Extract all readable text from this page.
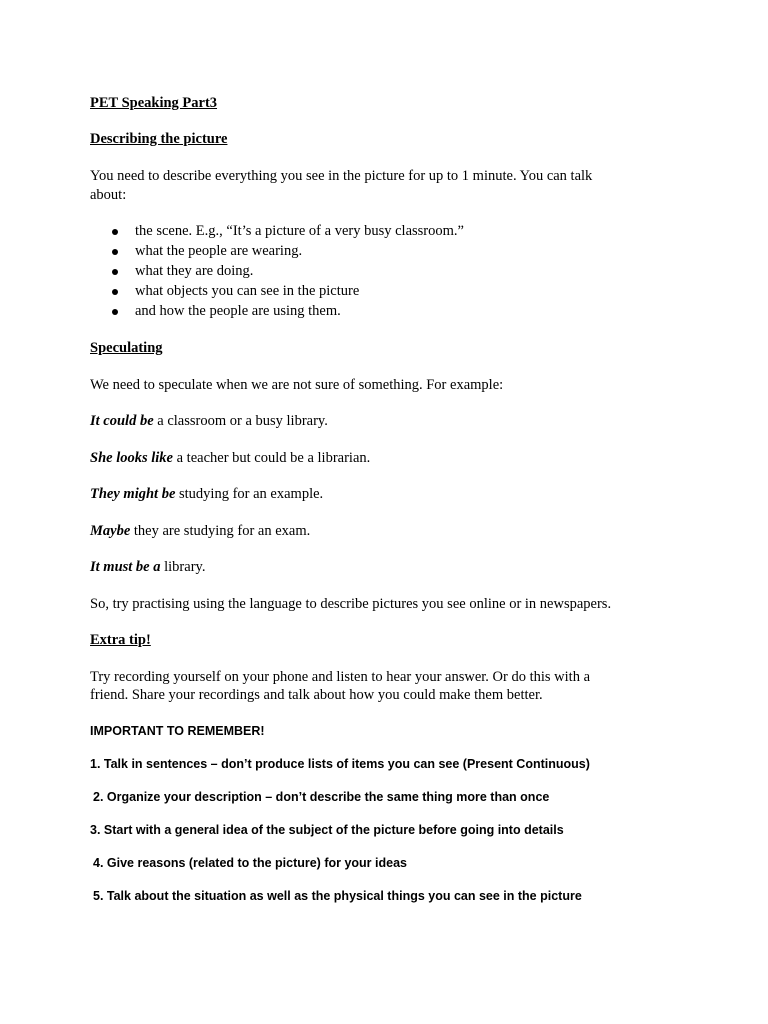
PET Speaking Part3
Describing the picture
You need to describe everything you see in the picture for up to 1 minute. You can talk
about:
the scene. E.g., “It’s a picture of a very busy classroom.”
what the people are wearing.
what they are doing.
what objects you can see in the picture
and how the people are using them.
Speculating
We need to speculate when we are not sure of something. For example:
It could be a classroom or a busy library.
She looks like a teacher but could be a librarian.
They might be studying for an example.
Maybe they are studying for an exam.
It must be a library.
So, try practising using the language to describe pictures you see online or in newspapers.
Extra tip!
Try recording yourself on your phone and listen to hear your answer. Or do this with a
friend. Share your recordings and talk about how you could make them better.
IMPORTANT TO REMEMBER!
1. Talk in sentences – don’t produce lists of items you can see (Present Continuous)
2. Organize your description – don’t describe the same thing more than once
3. Start with a general idea of the subject of the picture before going into details
4. Give reasons (related to the picture) for your ideas
5. Talk about the situation as well as the physical things you can see in the picture
